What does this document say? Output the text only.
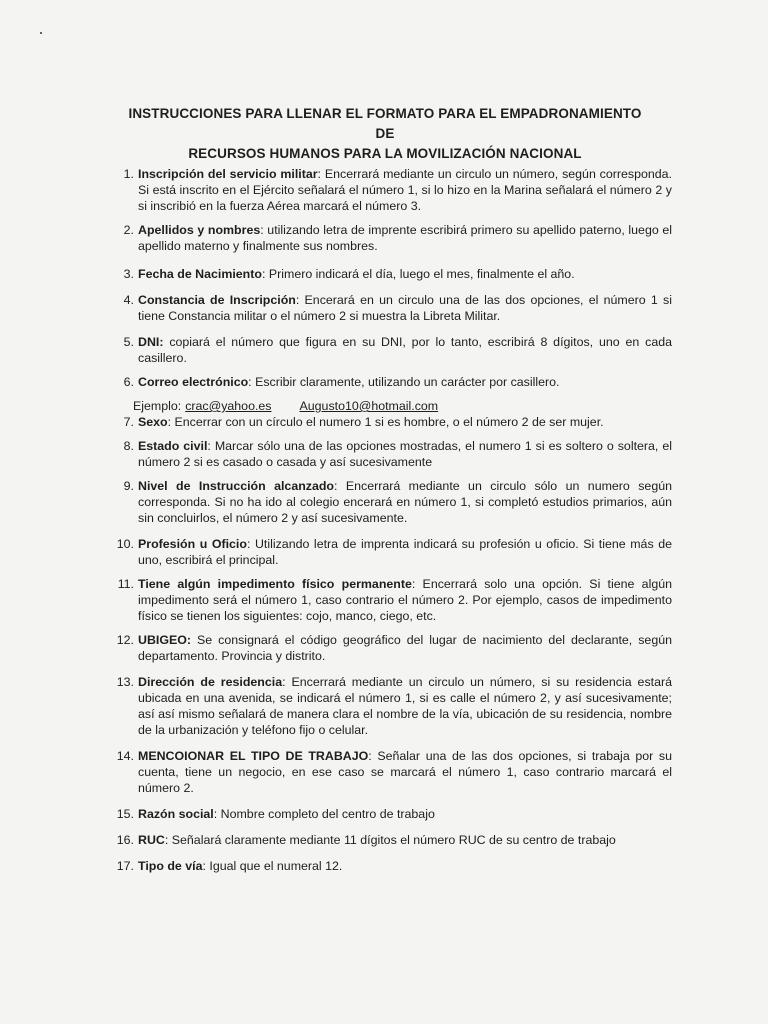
INSTRUCCIONES PARA LLENAR EL FORMATO PARA EL EMPADRONAMIENTO DE
RECURSOS HUMANOS PARA LA MOVILIZACIÓN NACIONAL
1. Inscripción del servicio militar: Encerrará mediante un circulo un número, según corresponda. Si está inscrito en el Ejército señalará el número 1, si lo hizo en la Marina señalará el número 2 y si inscribió en la fuerza Aérea marcará el número 3.
2. Apellidos y nombres: utilizando letra de imprente escribirá primero su apellido paterno, luego el apellido materno y finalmente sus nombres.
3. Fecha de Nacimiento: Primero indicará el día, luego el mes, finalmente el año.
4. Constancia de Inscripción: Encerará en un circulo una de las dos opciones, el número 1 si tiene Constancia militar o el número 2 si muestra la Libreta Militar.
5. DNI: copiará el número que figura en su DNI, por lo tanto, escribirá 8 dígitos, uno en cada casillero.
6. Correo electrónico: Escribir claramente, utilizando un carácter por casillero.
7. Sexo: Encerrar con un círculo el numero 1 si es hombre, o el número 2 de ser mujer.
8. Estado civil: Marcar sólo una de las opciones mostradas, el numero 1 si es soltero o soltera, el número 2 si es casado o casada y así sucesivamente
9. Nivel de Instrucción alcanzado: Encerrará mediante un circulo sólo un numero según corresponda. Si no ha ido al colegio encerará en número 1, si completó estudios primarios, aún sin concluirlos, el número 2 y así sucesivamente.
10. Profesión u Oficio: Utilizando letra de imprenta indicará su profesión u oficio. Si tiene más de uno, escribirá el principal.
11. Tiene algún impedimento físico permanente: Encerrará solo una opción. Si tiene algún impedimento será el número 1, caso contrario el número 2. Por ejemplo, casos de impedimento físico se tienen los siguientes: cojo, manco, ciego, etc.
12. UBIGEO: Se consignará el código geográfico del lugar de nacimiento del declarante, según departamento. Provincia y distrito.
13. Dirección de residencia: Encerrará mediante un circulo un número, si su residencia estará ubicada en una avenida, se indicará el número 1, si es calle el número 2, y así sucesivamente; así así mismo señalará de manera clara el nombre de la vía, ubicación de su residencia, nombre de la urbanización y teléfono fijo o celular.
14. MENCOIONAR EL TIPO DE TRABAJO: Señalar una de las dos opciones, si trabaja por su cuenta, tiene un negocio, en ese caso se marcará el número 1, caso contrario marcará el número 2.
15. Razón social: Nombre completo del centro de trabajo
16. RUC: Señalará claramente mediante 11 dígitos el número RUC de su centro de trabajo
17. Tipo de vía: Igual que el numeral 12.
Ejemplo: crac@yahoo.es Augusto10@hotmail.com
